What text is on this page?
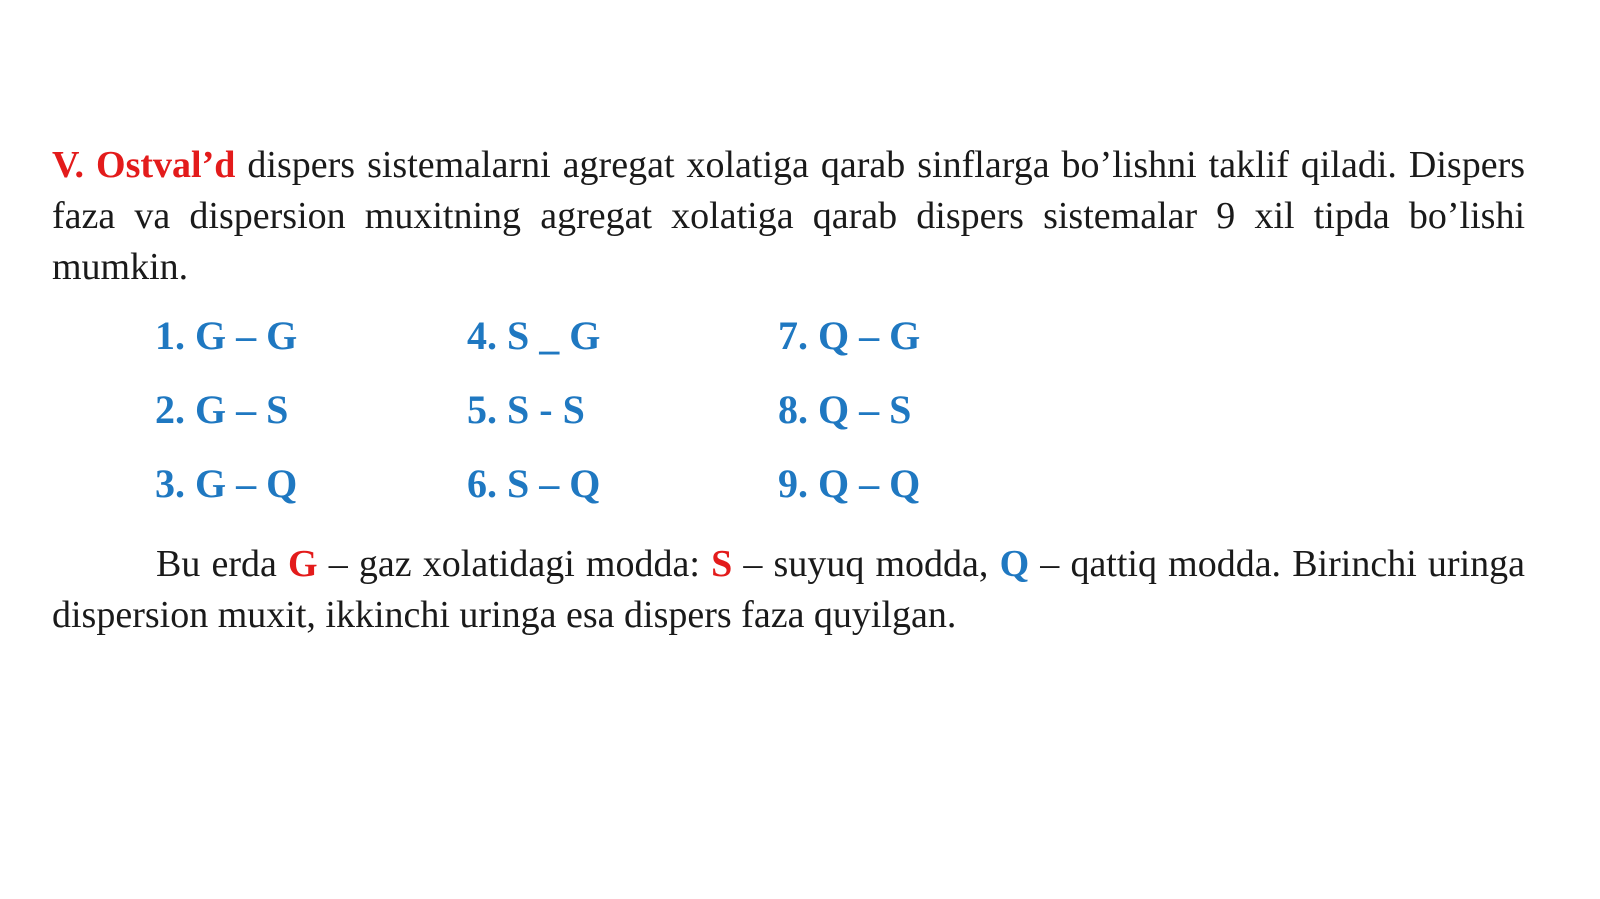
V. Ostval’d dispers sistemalarni agregat xolatiga qarab sinflarga bo’lishni taklif qiladi. Dispers faza va dispersion muxitning agregat xolatiga qarab dispers sistemalar 9 xil tipda bo’lishi mumkin.

1. G – G
2. G – S
3. G – Q
4. S _ G
5. S - S
6. S – Q
7. Q – G
8. Q – S
9. Q – Q

Bu erda G – gaz xolatidagi modda: S – suyuq modda, Q – qattiq modda. Birinchi uringa dispersion muxit, ikkinchi uringa esa dispers faza quyilgan.
